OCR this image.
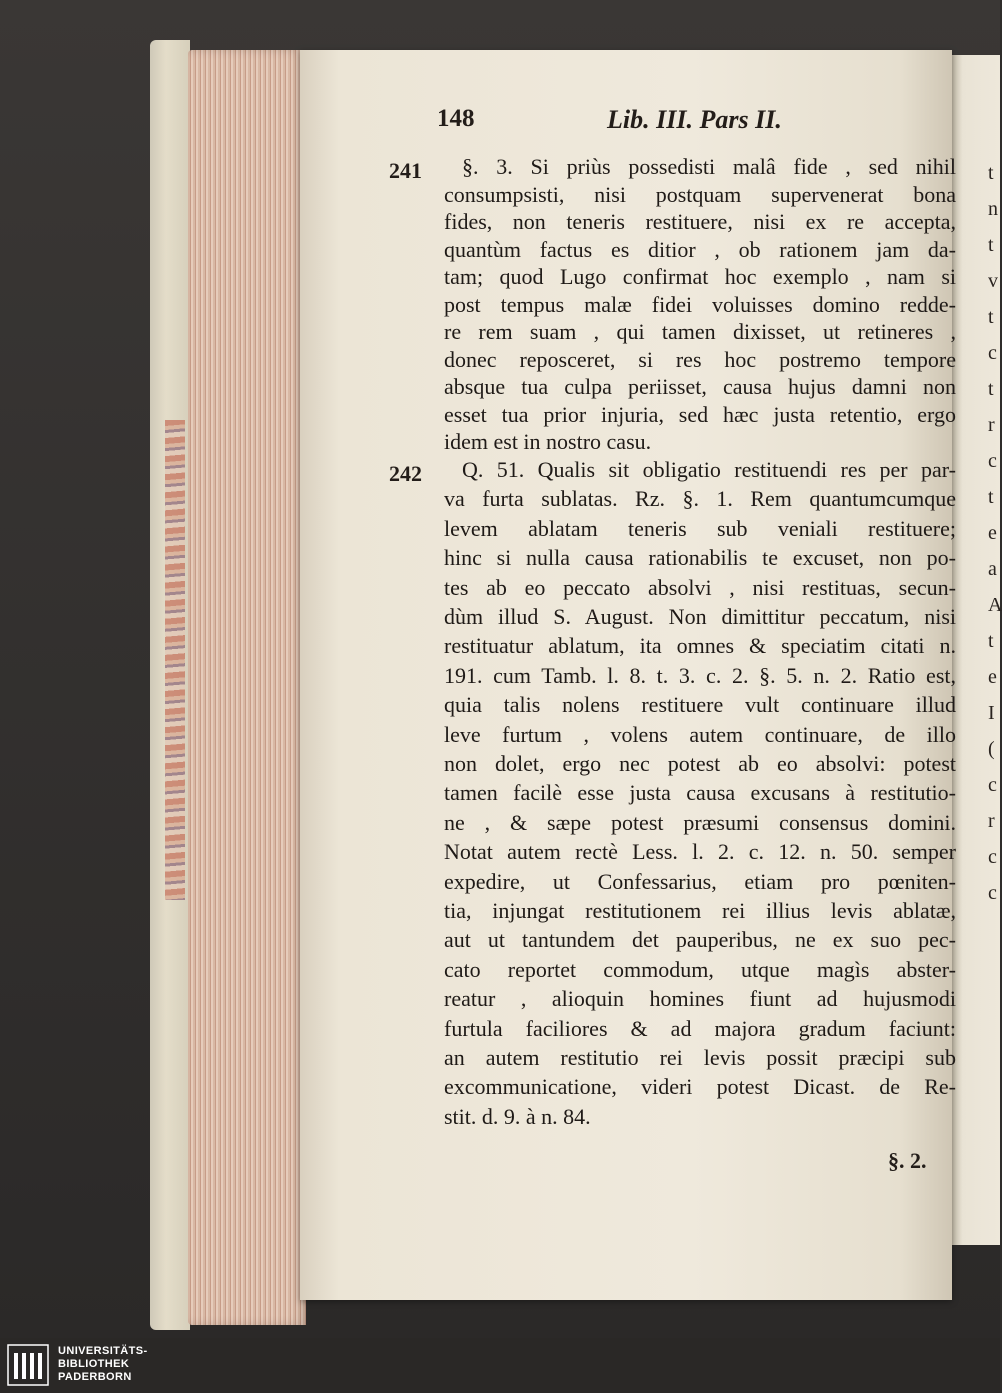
t
n
t
v
t
c
t
r
c
t
e
a
A
t
e
I
(
c
r
c
c
148	Lib. III. Pars II.
241
242
§. 3. Si priùs possedisti malâ fide , sed nihil
consumpsisti, nisi postquam supervenerat bona
fides, non teneris restituere, nisi ex re accepta,
quantùm factus es ditior , ob rationem jam da-
tam; quod Lugo confirmat hoc exemplo , nam si
post tempus malæ fidei voluisses domino redde-
re rem suam , qui tamen dixisset, ut retineres ,
donec reposceret, si res hoc postremo tempore
absque tua culpa periisset, causa hujus damni non
esset tua prior injuria, sed hæc justa retentio, ergo
idem est in nostro casu.
Q. 51. Qualis sit obligatio restituendi res per par-
va furta sublatas. Rz. §. 1. Rem quantumcumque
levem ablatam teneris sub veniali restituere;
hinc si nulla causa rationabilis te excuset, non po-
tes ab eo peccato absolvi , nisi restituas, secun-
dùm illud S. August. Non dimittitur peccatum, nisi
restituatur ablatum, ita omnes & speciatim citati n.
191. cum Tamb. l. 8. t. 3. c. 2. §. 5. n. 2. Ratio est,
quia talis nolens restituere vult continuare illud
leve furtum , volens autem continuare, de illo
non dolet, ergo nec potest ab eo absolvi: potest
tamen facilè esse justa causa excusans à restitutio-
ne , & sæpe potest præsumi consensus domini.
Notat autem rectè Less. l. 2. c. 12. n. 50. semper
expedire, ut Confessarius, etiam pro pœniten-
tia, injungat restitutionem rei illius levis ablatæ,
aut ut tantundem det pauperibus, ne ex suo pec-
cato reportet commodum, utque magìs abster-
reatur , alioquin homines fiunt ad hujusmodi
furtula faciliores & ad majora gradum faciunt:
an autem restitutio rei levis possit præcipi sub
excommunicatione, videri potest Dicast. de Re-
stit. d. 9. à n. 84.
§. 2.
UNIVERSITÄTS-
BIBLIOTHEK
PADERBORN
